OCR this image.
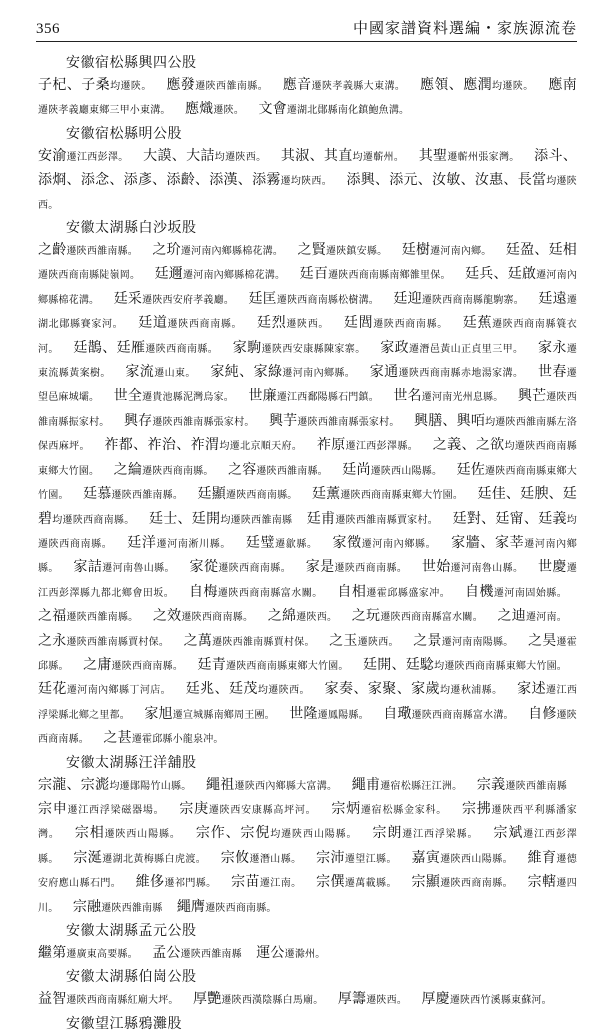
356	中國家譜資料選編・家族源流卷
安徽宿松縣興四公股

子杞、子桑均遷陝。 應發遷陝西雒南縣。 應音遷陝孝義縣大東溝。 應領、應潤均遷陝。 應南遷陝孝義廳東鄉三甲小東溝。 應熾遷陝。 文會遷湖北鄖縣南化鎮鮑魚溝。

安徽宿松縣明公股

安渝遷江西彭澤。 大謨、大詰均遷陝西。 其淑、其直均遷蘄州。 其聖遷蘄州張家灣。 添斗、添烱、添念、添彥、添齡、添漢、添霧遷均陝西。 添興、添元、汝敏、汝惠、長當均遷陝西。

安徽太湖縣白沙坂股

之齡遷陝西雒南縣。 之玠遷河南內鄉縣棉花溝。 之賢遷陝鎮安縣。 廷樹遷河南內鄉。 廷盈、廷相遷陝西商南縣陡嶺岡。 廷邇遷河南內鄉縣棉花溝。 廷百遷陝西商南縣南鄉雒里保。 廷兵、廷啟遷河南內鄉縣棉花溝。 廷采遷陝西安府孝義廳。 廷匡遷陝西商南縣松樹溝。 廷迎遷陝西商南縣龍駒寨。 廷遠遷湖北鄖縣賽家河。 廷道遷陝西商南縣。 廷烈遷陝西。 廷閭遷陝西商南縣。 廷蕉遷陝西商南縣簑衣河。 廷鵲、廷雁遷陝西商南縣。 家駒遷陝西安康縣陳家寨。 家政遷潛邑黃山正貞里三甲。 家永遷東流縣黃案樹。 家流遷山東。 家純、家綠遷河南內鄉縣。 家通遷陝西商南縣赤地湯家溝。 世春遷望邑麻城壩。 世全遷貴池縣泥灣烏家。 世廉遷江西鄱陽縣石門鎮。 世名遷河南光州息縣。 興芒遷陝西雒南縣振家村。 興存遷陝西雒南縣張家村。 興芋遷陝西雒南縣張家村。 興膳、興咟均遷陝西雒南縣左洛保西麻坪。 祚都、祚治、祚渭均遷北京順天府。 祚原遷江西彭澤縣。 之義、之欲均遷陝西商南縣東鄉大竹園。 之綸遷陝西商南縣。 之容遷陝西雒南縣。 廷尚遷陝西山陽縣。 廷佐遷陝西商南縣東鄉大竹園。 廷慕遷陝西雒南縣。 廷顯遷陝西商南縣。 廷薰遷陝西商南縣東鄉大竹園。 廷佳、廷腴、廷碧均遷陝西商南縣。 廷士、廷開均遷陝西雒南縣 廷甫遷陝西雒南縣賈家村。 廷對、廷甯、廷義均遷陝西商南縣。 廷洋遷河南淅川縣。 廷璧遷歙縣。 家徵遷河南內鄉縣。 家牆、家莘遷河南內鄉縣。 家詰遷河南魯山縣。 家從遷陝西商南縣。 家是遷陝西商南縣。 世始遷河南魯山縣。 世慶遷江西彭澤縣九都北鄉會田坂。 自梅遷陝西商南縣富水關。 自相遷霍邱縣盛家冲。 自機遷河南固始縣。 之福遷陝西雒南縣。 之效遷陝西商南縣。 之綿遷陝西。 之玩遷陝西商南縣富水關。 之迪遷河南。 之永遷陝西雒南縣賈村保。 之萬遷陝西雒南縣賈村保。 之玉遷陝西。 之景遷河南南陽縣。 之昊遷霍邱縣。 之庸遷陝西商南縣。 廷青遷陝西商南縣東鄉大竹園。 廷開、廷騐均遷陝西商南縣東鄉大竹園。 廷花遷河南內鄉縣丁河店。 廷兆、廷茂均遷陝西。 家奏、家聚、家歲均遷秋浦縣。 家述遷江西浮梁縣北鄉之里都。 家旭遷宣城縣南鄉周王團。 世隆遷鳳陽縣。 自璥遷陝西商南縣富水溝。 自修遷陝西商南縣。 之甚遷霍邱縣小龍泉冲。

安徽太湖縣汪洋舖股

宗瀧、宗滮均遷鄖陽竹山縣。 繩祖遷陝西內鄉縣大富溝。 繩甫遷宿松縣汪江洲。 宗義遷陝西雒南縣 宗申遷江西浮梁磁器場。 宗庚遷陝西安康縣高坪河。 宗炳遷宿松縣金家科。 宗拂遷陝西平利縣潘家灣。 宗相遷陝西山陽縣。 宗作、宗倪均遷陝西山陽縣。 宗朗遷江西浮梁縣。 宗斌遷江西彭澤縣。 宗涎遷湖北黃梅縣白虎渡。 宗攸遷潛山縣。 宗沛遷望江縣。 嘉寅遷陝西山陽縣。 維育遷德安府應山縣石門。 維侈遷祁門縣。 宗苗遷江南。 宗僎遷萬載縣。 宗顯遷陝西商南縣。 宗轄遷四川。 宗融遷陝西雒南縣 繩膺遷陝西商南縣。

安徽太湖縣孟元公股

繼第遷廣東高要縣。 孟公遷陝西雒南縣 運公遷滁州。

安徽太湖縣伯崗公股

益智遷陝西商南縣紅廟大坪。 厚艷遷陝西漢陰縣白馬廟。 厚籌遷陝西。 厚慶遷陝西竹溪縣東蘇河。

安徽望江縣鴉灘股
